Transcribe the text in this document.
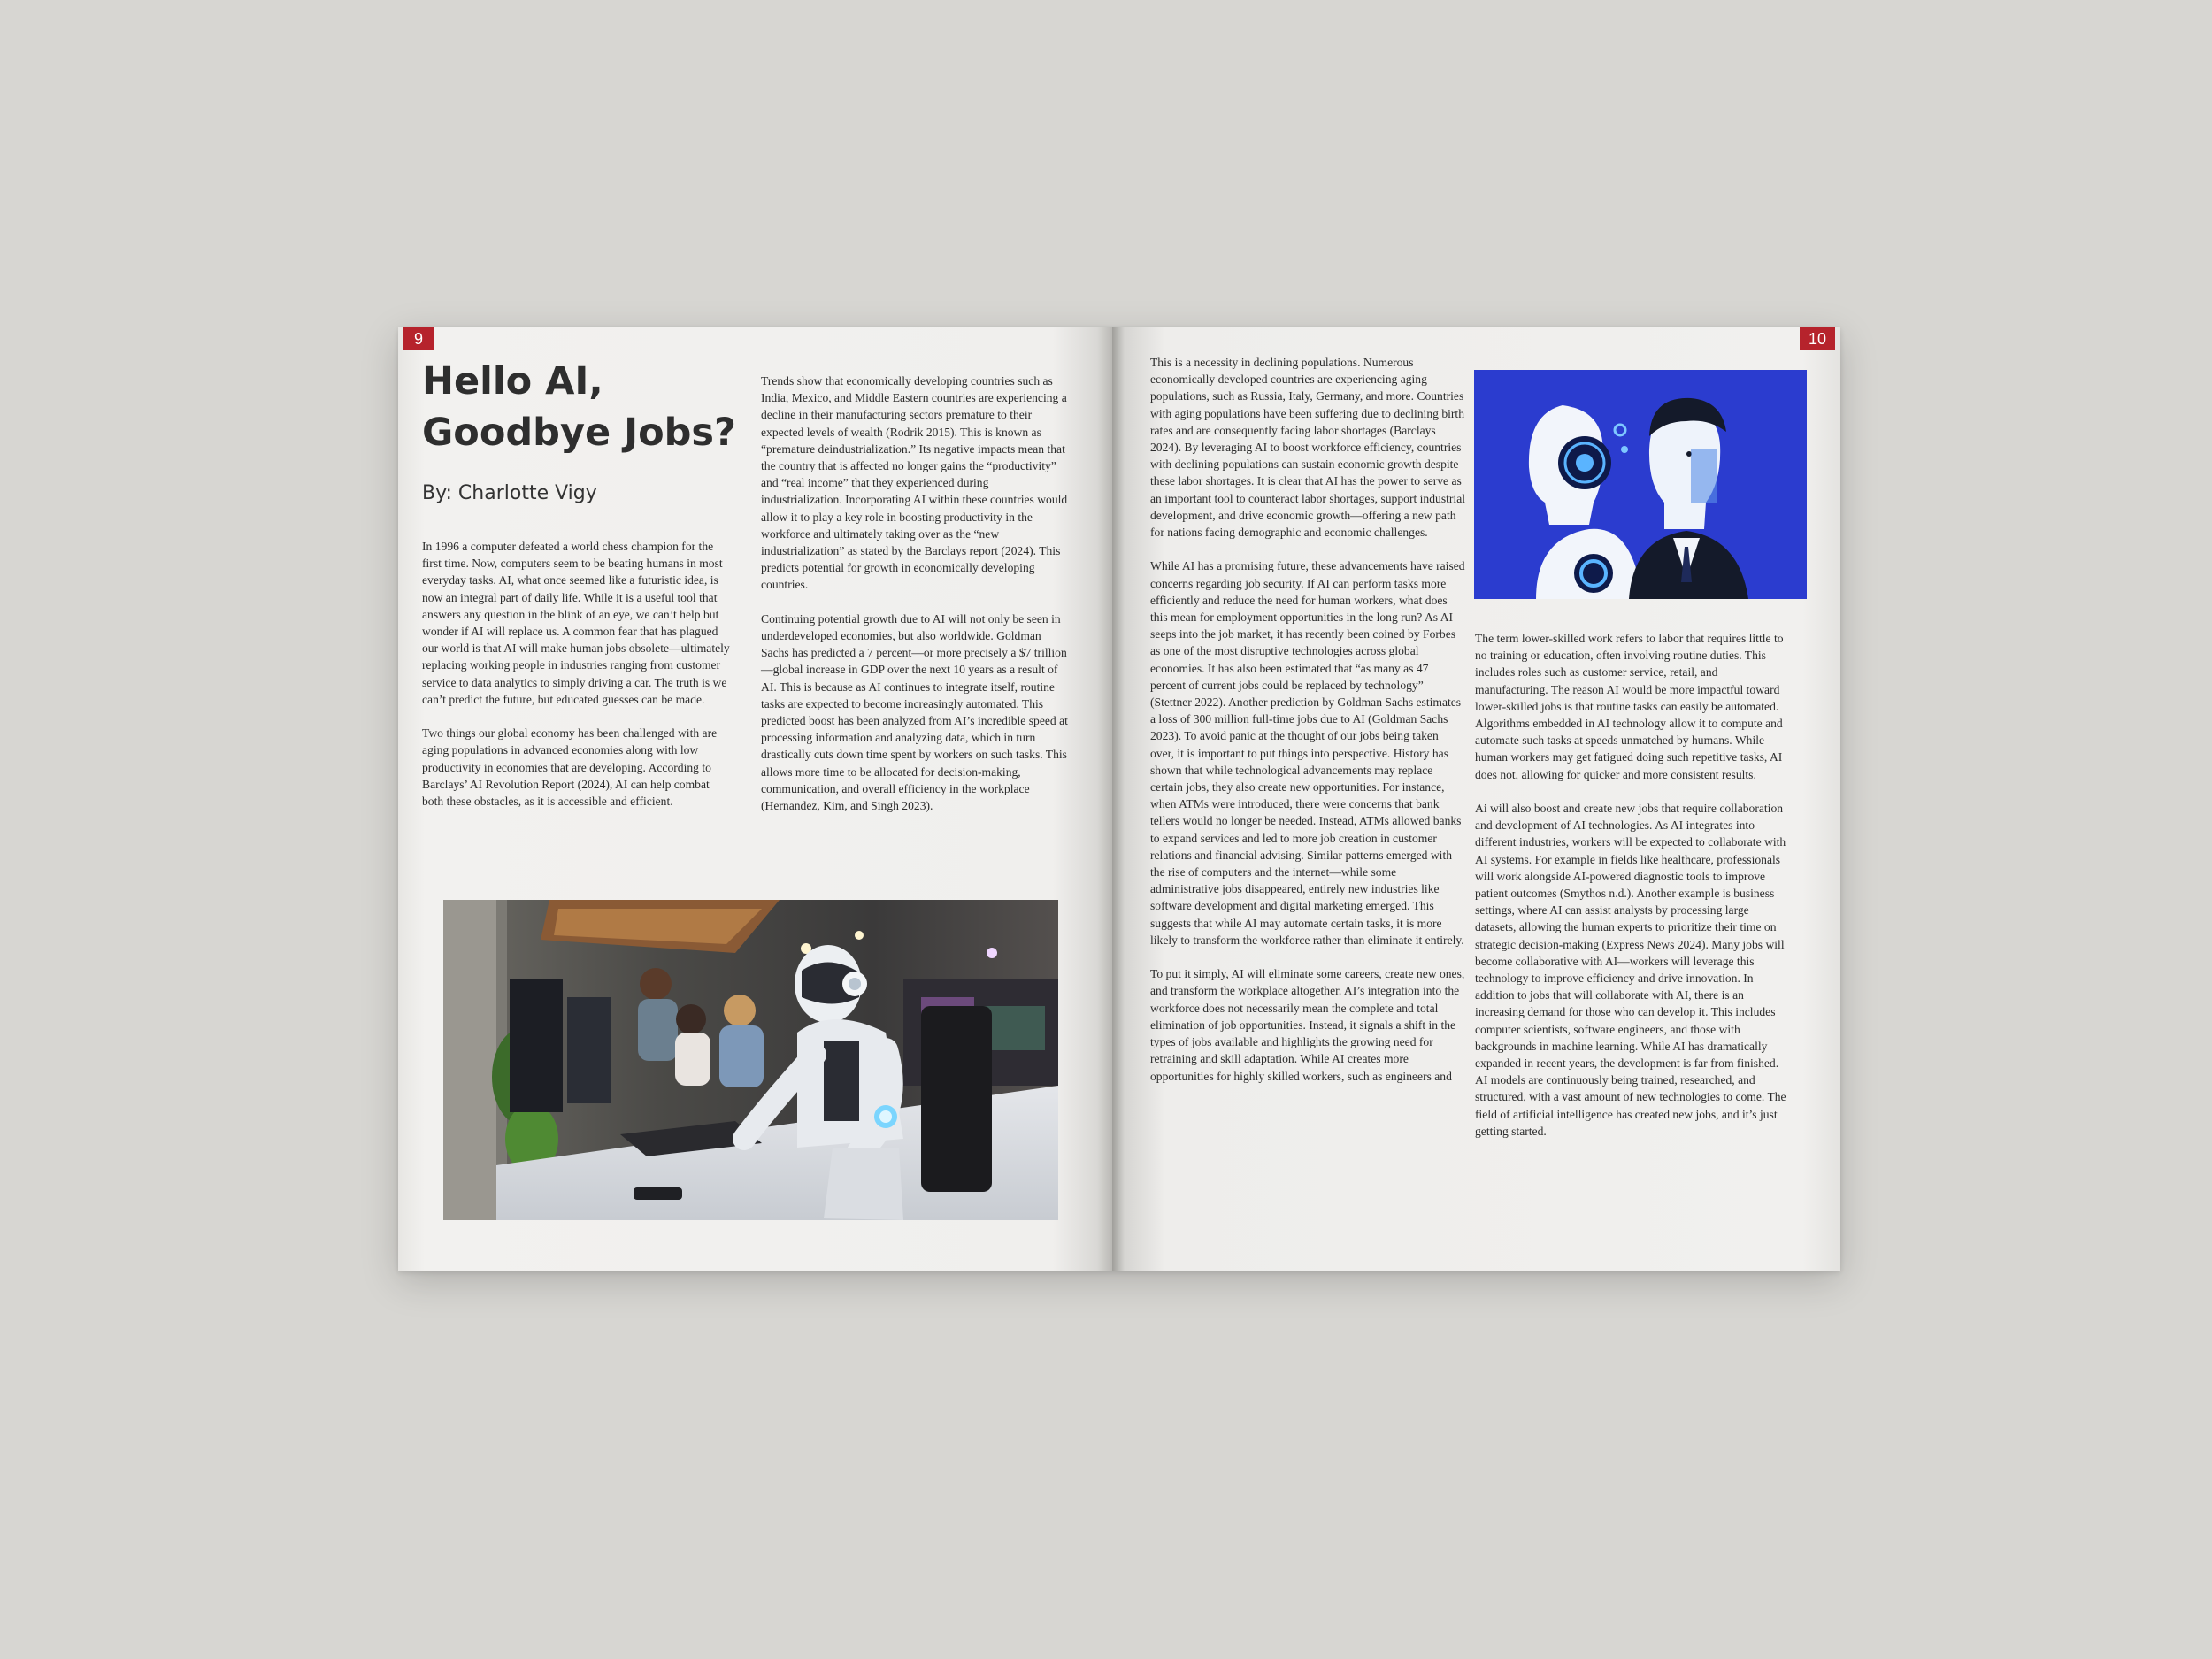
9
Hello AI, Goodbye Jobs?
By: Charlotte Vigy

In 1996 a computer defeated a world chess champion for the first time. Now, computers seem to be beating humans in most everyday tasks. AI, what once seemed like a futuristic idea, is now an integral part of daily life. While it is a useful tool that answers any question in the blink of an eye, we can’t help but wonder if AI will replace us. A common fear that has plagued our world is that AI will make human jobs obsolete—ultimately replacing working people in industries ranging from customer service to data analytics to simply driving a car. The truth is we can’t predict the future, but educated guesses can be made.

Two things our global economy has been challenged with are aging populations in advanced economies along with low productivity in economies that are developing. According to Barclays’ AI Revolution Report (2024), AI can help combat both these obstacles, as it is accessible and efficient.

Trends show that economically developing countries such as India, Mexico, and Middle Eastern countries are experiencing a decline in their manufacturing sectors premature to their expected levels of wealth (Rodrik 2015). This is known as “premature deindustrialization.” Its negative impacts mean that the country that is affected no longer gains the “productivity” and “real income” that they experienced during industrialization. Incorporating AI within these countries would allow it to play a key role in boosting productivity in the workforce and ultimately taking over as the “new industrialization” as stated by the Barclays report (2024). This predicts potential for growth in economically developing countries.

Continuing potential growth due to AI will not only be seen in underdeveloped economies, but also worldwide. Goldman Sachs has predicted a 7 percent—or more precisely a $7 trillion—global increase in GDP over the next 10 years as a result of AI. This is because as AI continues to integrate itself, routine tasks are expected to become increasingly automated. This predicted boost has been analyzed from AI’s incredible speed at processing information and analyzing data, which in turn drastically cuts down time spent by workers on such tasks. This allows more time to be allocated for decision-making, communication, and overall efficiency in the workplace (Hernandez, Kim, and Singh 2023).

10

This is a necessity in declining populations. Numerous economically developed countries are experiencing aging populations, such as Russia, Italy, Germany, and more. Countries with aging populations have been suffering due to declining birth rates and are consequently facing labor shortages (Barclays 2024). By leveraging AI to boost workforce efficiency, countries with declining populations can sustain economic growth despite these labor shortages. It is clear that AI has the power to serve as an important tool to counteract labor shortages, support industrial development, and drive economic growth—offering a new path for nations facing demographic and economic challenges.

While AI has a promising future, these advancements have raised concerns regarding job security. If AI can perform tasks more efficiently and reduce the need for human workers, what does this mean for employment opportunities in the long run? As AI seeps into the job market, it has recently been coined by Forbes as one of the most disruptive technologies across global economies. It has also been estimated that “as many as 47 percent of current jobs could be replaced by technology” (Stettner 2022). Another prediction by Goldman Sachs estimates a loss of 300 million full-time jobs due to AI (Goldman Sachs 2023). To avoid panic at the thought of our jobs being taken over, it is important to put things into perspective. History has shown that while technological advancements may replace certain jobs, they also create new opportunities. For instance, when ATMs were introduced, there were concerns that bank tellers would no longer be needed. Instead, ATMs allowed banks to expand services and led to more job creation in customer relations and financial advising. Similar patterns emerged with the rise of computers and the internet—while some administrative jobs disappeared, entirely new industries like software development and digital marketing emerged. This suggests that while AI may automate certain tasks, it is more likely to transform the workforce rather than eliminate it entirely.

To put it simply, AI will eliminate some careers, create new ones, and transform the workplace altogether. AI’s integration into the workforce does not necessarily mean the complete and total elimination of job opportunities. Instead, it signals a shift in the types of jobs available and highlights the growing need for retraining and skill adaptation. While AI creates more opportunities for highly skilled workers, such as engineers and

The term lower-skilled work refers to labor that requires little to no training or education, often involving routine duties. This includes roles such as customer service, retail, and manufacturing. The reason AI would be more impactful toward lower-skilled jobs is that routine tasks can easily be automated. Algorithms embedded in AI technology allow it to compute and automate such tasks at speeds unmatched by humans. While human workers may get fatigued doing such repetitive tasks, AI does not, allowing for quicker and more consistent results.

Ai will also boost and create new jobs that require collaboration and development of AI technologies. As AI integrates into different industries, workers will be expected to collaborate with AI systems. For example in fields like healthcare, professionals will work alongside AI-powered diagnostic tools to improve patient outcomes (Smythos n.d.). Another example is business settings, where AI can assist analysts by processing large datasets, allowing the human experts to prioritize their time on strategic decision-making (Express News 2024). Many jobs will become collaborative with AI—workers will leverage this technology to improve efficiency and drive innovation. In addition to jobs that will collaborate with AI, there is an increasing demand for those who can develop it. This includes computer scientists, software engineers, and those with backgrounds in machine learning. While AI has dramatically expanded in recent years, the development is far from finished. AI models are continuously being trained, researched, and structured, with a vast amount of new technologies to come. The field of artificial intelligence has created new jobs, and it’s just getting started.
